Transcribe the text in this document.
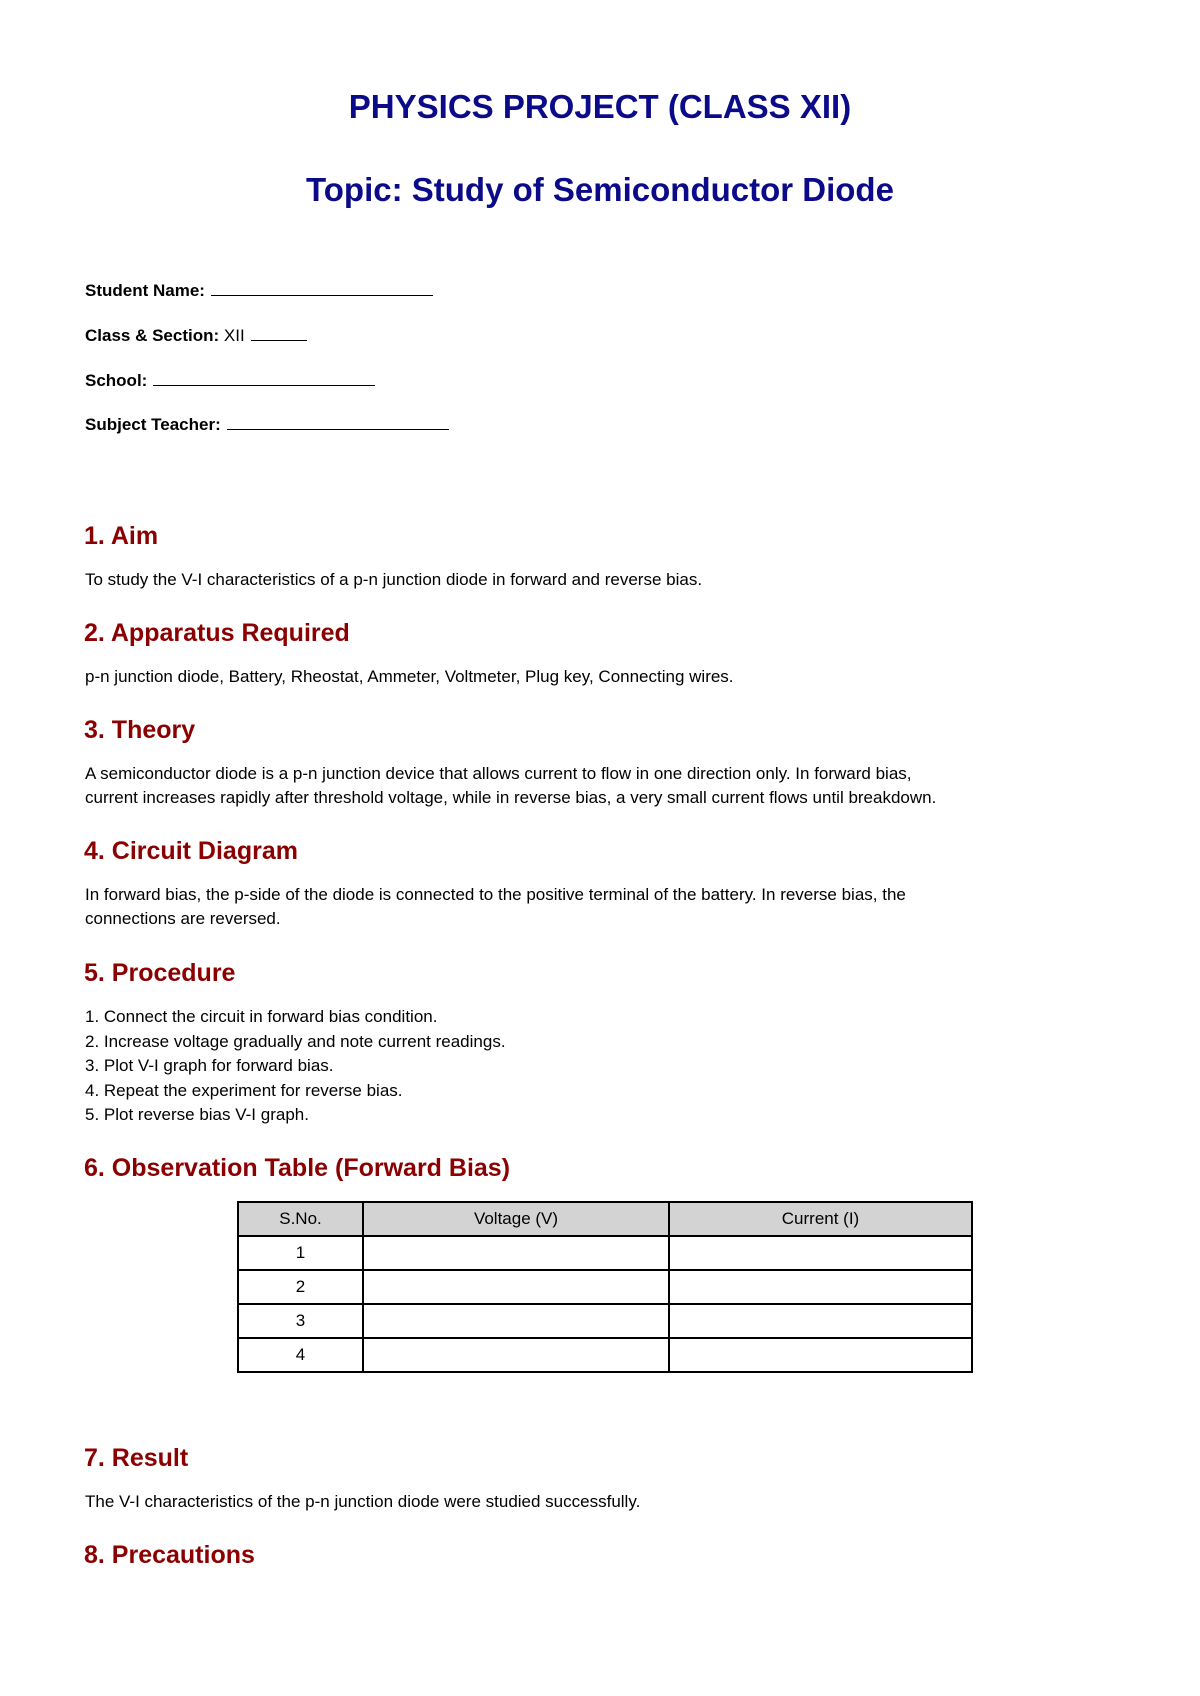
PHYSICS PROJECT (CLASS XII)
Topic: Study of Semiconductor Diode

Student Name:

Class & Section: XII

School:

Subject Teacher:

1. Aim

To study the V-I characteristics of a p-n junction diode in forward and reverse bias.

2. Apparatus Required

p-n junction diode, Battery, Rheostat, Ammeter, Voltmeter, Plug key, Connecting wires.

3. Theory

A semiconductor diode is a p-n junction device that allows current to flow in one direction only. In forward bias,

current increases rapidly after threshold voltage, while in reverse bias, a very small current flows until breakdown.

4. Circuit Diagram

In forward bias, the p-side of the diode is connected to the positive terminal of the battery. In reverse bias, the

connections are reversed.

5. Procedure
1. Connect the circuit in forward bias condition.
2. Increase voltage gradually and note current readings.
3. Plot V-I graph for forward bias.
4. Repeat the experiment for reverse bias.
5. Plot reverse bias V-I graph.
6. Observation Table (Forward Bias)
S.No.	Voltage (V)	Current (I)
1		
2		
3		
4		
7. Result

The V-I characteristics of the p-n junction diode were studied successfully.

8. Precautions
